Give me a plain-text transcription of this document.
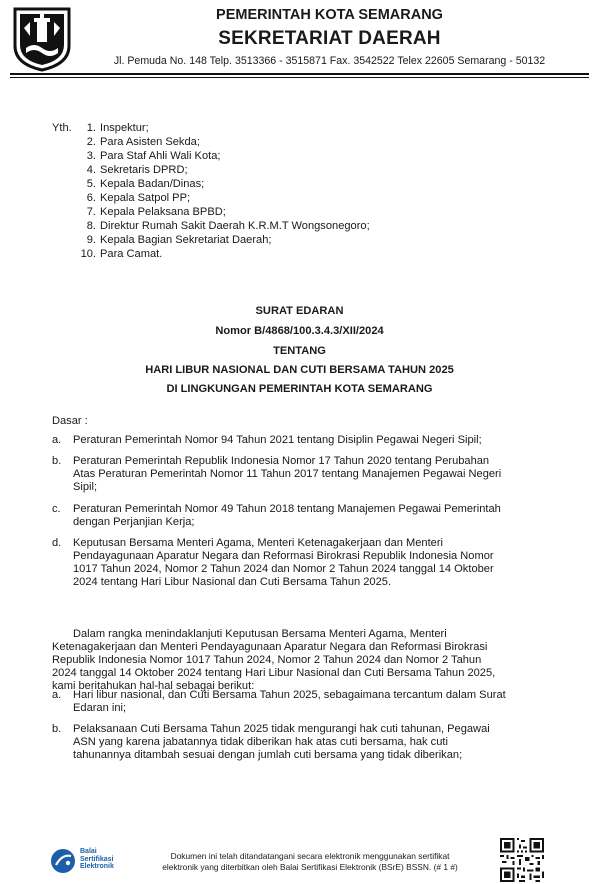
PEMERINTAH KOTA SEMARANG
SEKRETARIAT DAERAH
Jl. Pemuda No. 148 Telp. 3513366 - 3515871 Fax. 3542522 Telex 22605 Semarang - 50132
Yth.	1. Inspektur;
2. Para Asisten Sekda;
3. Para Staf Ahli Wali Kota;
4. Sekretaris DPRD;
5. Kepala Badan/Dinas;
6. Kepala Satpol PP;
7. Kepala Pelaksana BPBD;
8. Direktur Rumah Sakit Daerah K.R.M.T Wongsonegoro;
9. Kepala Bagian Sekretariat Daerah;
10. Para Camat.
SURAT EDARAN
Nomor B/4868/100.3.4.3/XII/2024
TENTANG
HARI LIBUR NASIONAL DAN CUTI BERSAMA TAHUN 2025
DI LINGKUNGAN PEMERINTAH KOTA SEMARANG
Dasar :
a. Peraturan Pemerintah Nomor 94 Tahun 2021 tentang Disiplin Pegawai Negeri Sipil;
b. Peraturan Pemerintah Republik Indonesia Nomor 17 Tahun 2020 tentang Perubahan
Atas Peraturan Pemerintah Nomor 11 Tahun 2017 tentang Manajemen Pegawai Negeri
Sipil;
c. Peraturan Pemerintah Nomor 49 Tahun 2018 tentang Manajemen Pegawai Pemerintah
dengan Perjanjian Kerja;
d. Keputusan Bersama Menteri Agama, Menteri Ketenagakerjaan dan Menteri
Pendayagunaan Aparatur Negara dan Reformasi Birokrasi Republik Indonesia Nomor
1017 Tahun 2024, Nomor 2 Tahun 2024 dan Nomor 2 Tahun 2024 tanggal 14 Oktober
2024 tentang Hari Libur Nasional dan Cuti Bersama Tahun 2025.
Dalam rangka menindaklanjuti Keputusan Bersama Menteri Agama, Menteri
Ketenagakerjaan dan Menteri Pendayagunaan Aparatur Negara dan Reformasi Birokrasi
Republik Indonesia Nomor 1017 Tahun 2024, Nomor 2 Tahun 2024 dan Nomor 2 Tahun
2024 tanggal 14 Oktober 2024 tentang Hari Libur Nasional dan Cuti Bersama Tahun 2025,
kami beritahukan hal-hal sebagai berikut:
a. Hari libur nasional, dan Cuti Bersama Tahun 2025, sebagaimana tercantum dalam Surat
Edaran ini;
b. Pelaksanaan Cuti Bersama Tahun 2025 tidak mengurangi hak cuti tahunan, Pegawai
ASN yang karena jabatannya tidak diberikan hak atas cuti bersama, hak cuti
tahunannya ditambah sesuai dengan jumlah cuti bersama yang tidak diberikan;
Balai
Sertifikasi
Elektronik
Dokumen ini telah ditandatangani secara elektronik menggunakan sertifikat
elektronik yang diterbitkan oleh Balai Sertifikasi Elektronik (BSrE) BSSN. (# 1 #)
